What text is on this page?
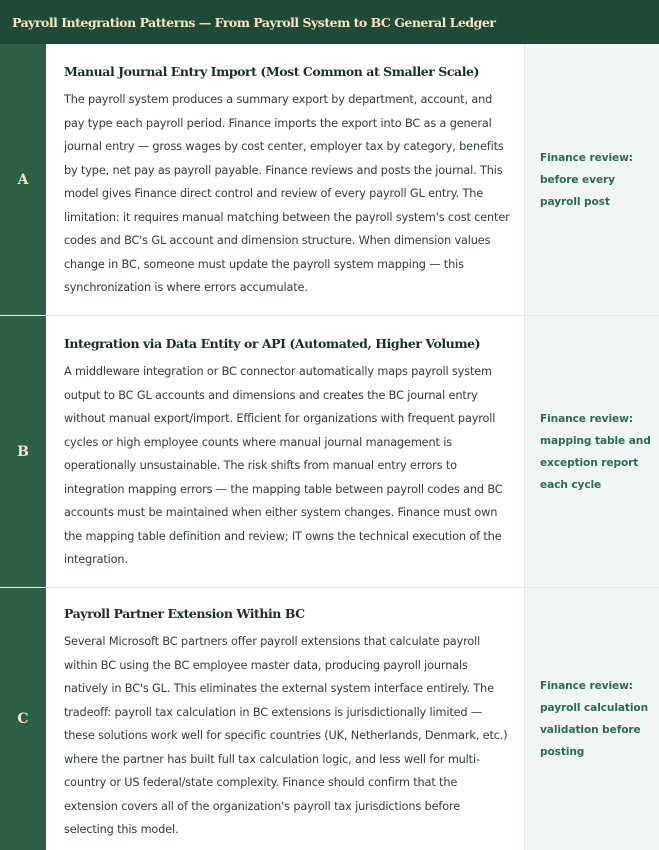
Payroll Integration Patterns — From Payroll System to BC General Ledger
A
Manual Journal Entry Import (Most Common at Smaller Scale)

The payroll system produces a summary export by department, account, and pay type each payroll period. Finance imports the export into BC as a general journal entry — gross wages by cost center, employer tax by category, benefits by type, net pay as payroll payable. Finance reviews and posts the journal. This model gives Finance direct control and review of every payroll GL entry. The limitation: it requires manual matching between the payroll system's cost center codes and BC's GL account and dimension structure. When dimension values change in BC, someone must update the payroll system mapping — this synchronization is where errors accumulate.

Finance review: before every payroll post
B
Integration via Data Entity or API (Automated, Higher Volume)

A middleware integration or BC connector automatically maps payroll system output to BC GL accounts and dimensions and creates the BC journal entry without manual export/import. Efficient for organizations with frequent payroll cycles or high employee counts where manual journal management is operationally unsustainable. The risk shifts from manual entry errors to integration mapping errors — the mapping table between payroll codes and BC accounts must be maintained when either system changes. Finance must own the mapping table definition and review; IT owns the technical execution of the integration.

Finance review: mapping table and exception report each cycle
C
Payroll Partner Extension Within BC

Several Microsoft BC partners offer payroll extensions that calculate payroll within BC using the BC employee master data, producing payroll journals natively in BC's GL. This eliminates the external system interface entirely. The tradeoff: payroll tax calculation in BC extensions is jurisdictionally limited — these solutions work well for specific countries (UK, Netherlands, Denmark, etc.) where the partner has built full tax calculation logic, and less well for multi-country or US federal/state complexity. Finance should confirm that the extension covers all of the organization's payroll tax jurisdictions before selecting this model.

Finance review: payroll calculation validation before posting
